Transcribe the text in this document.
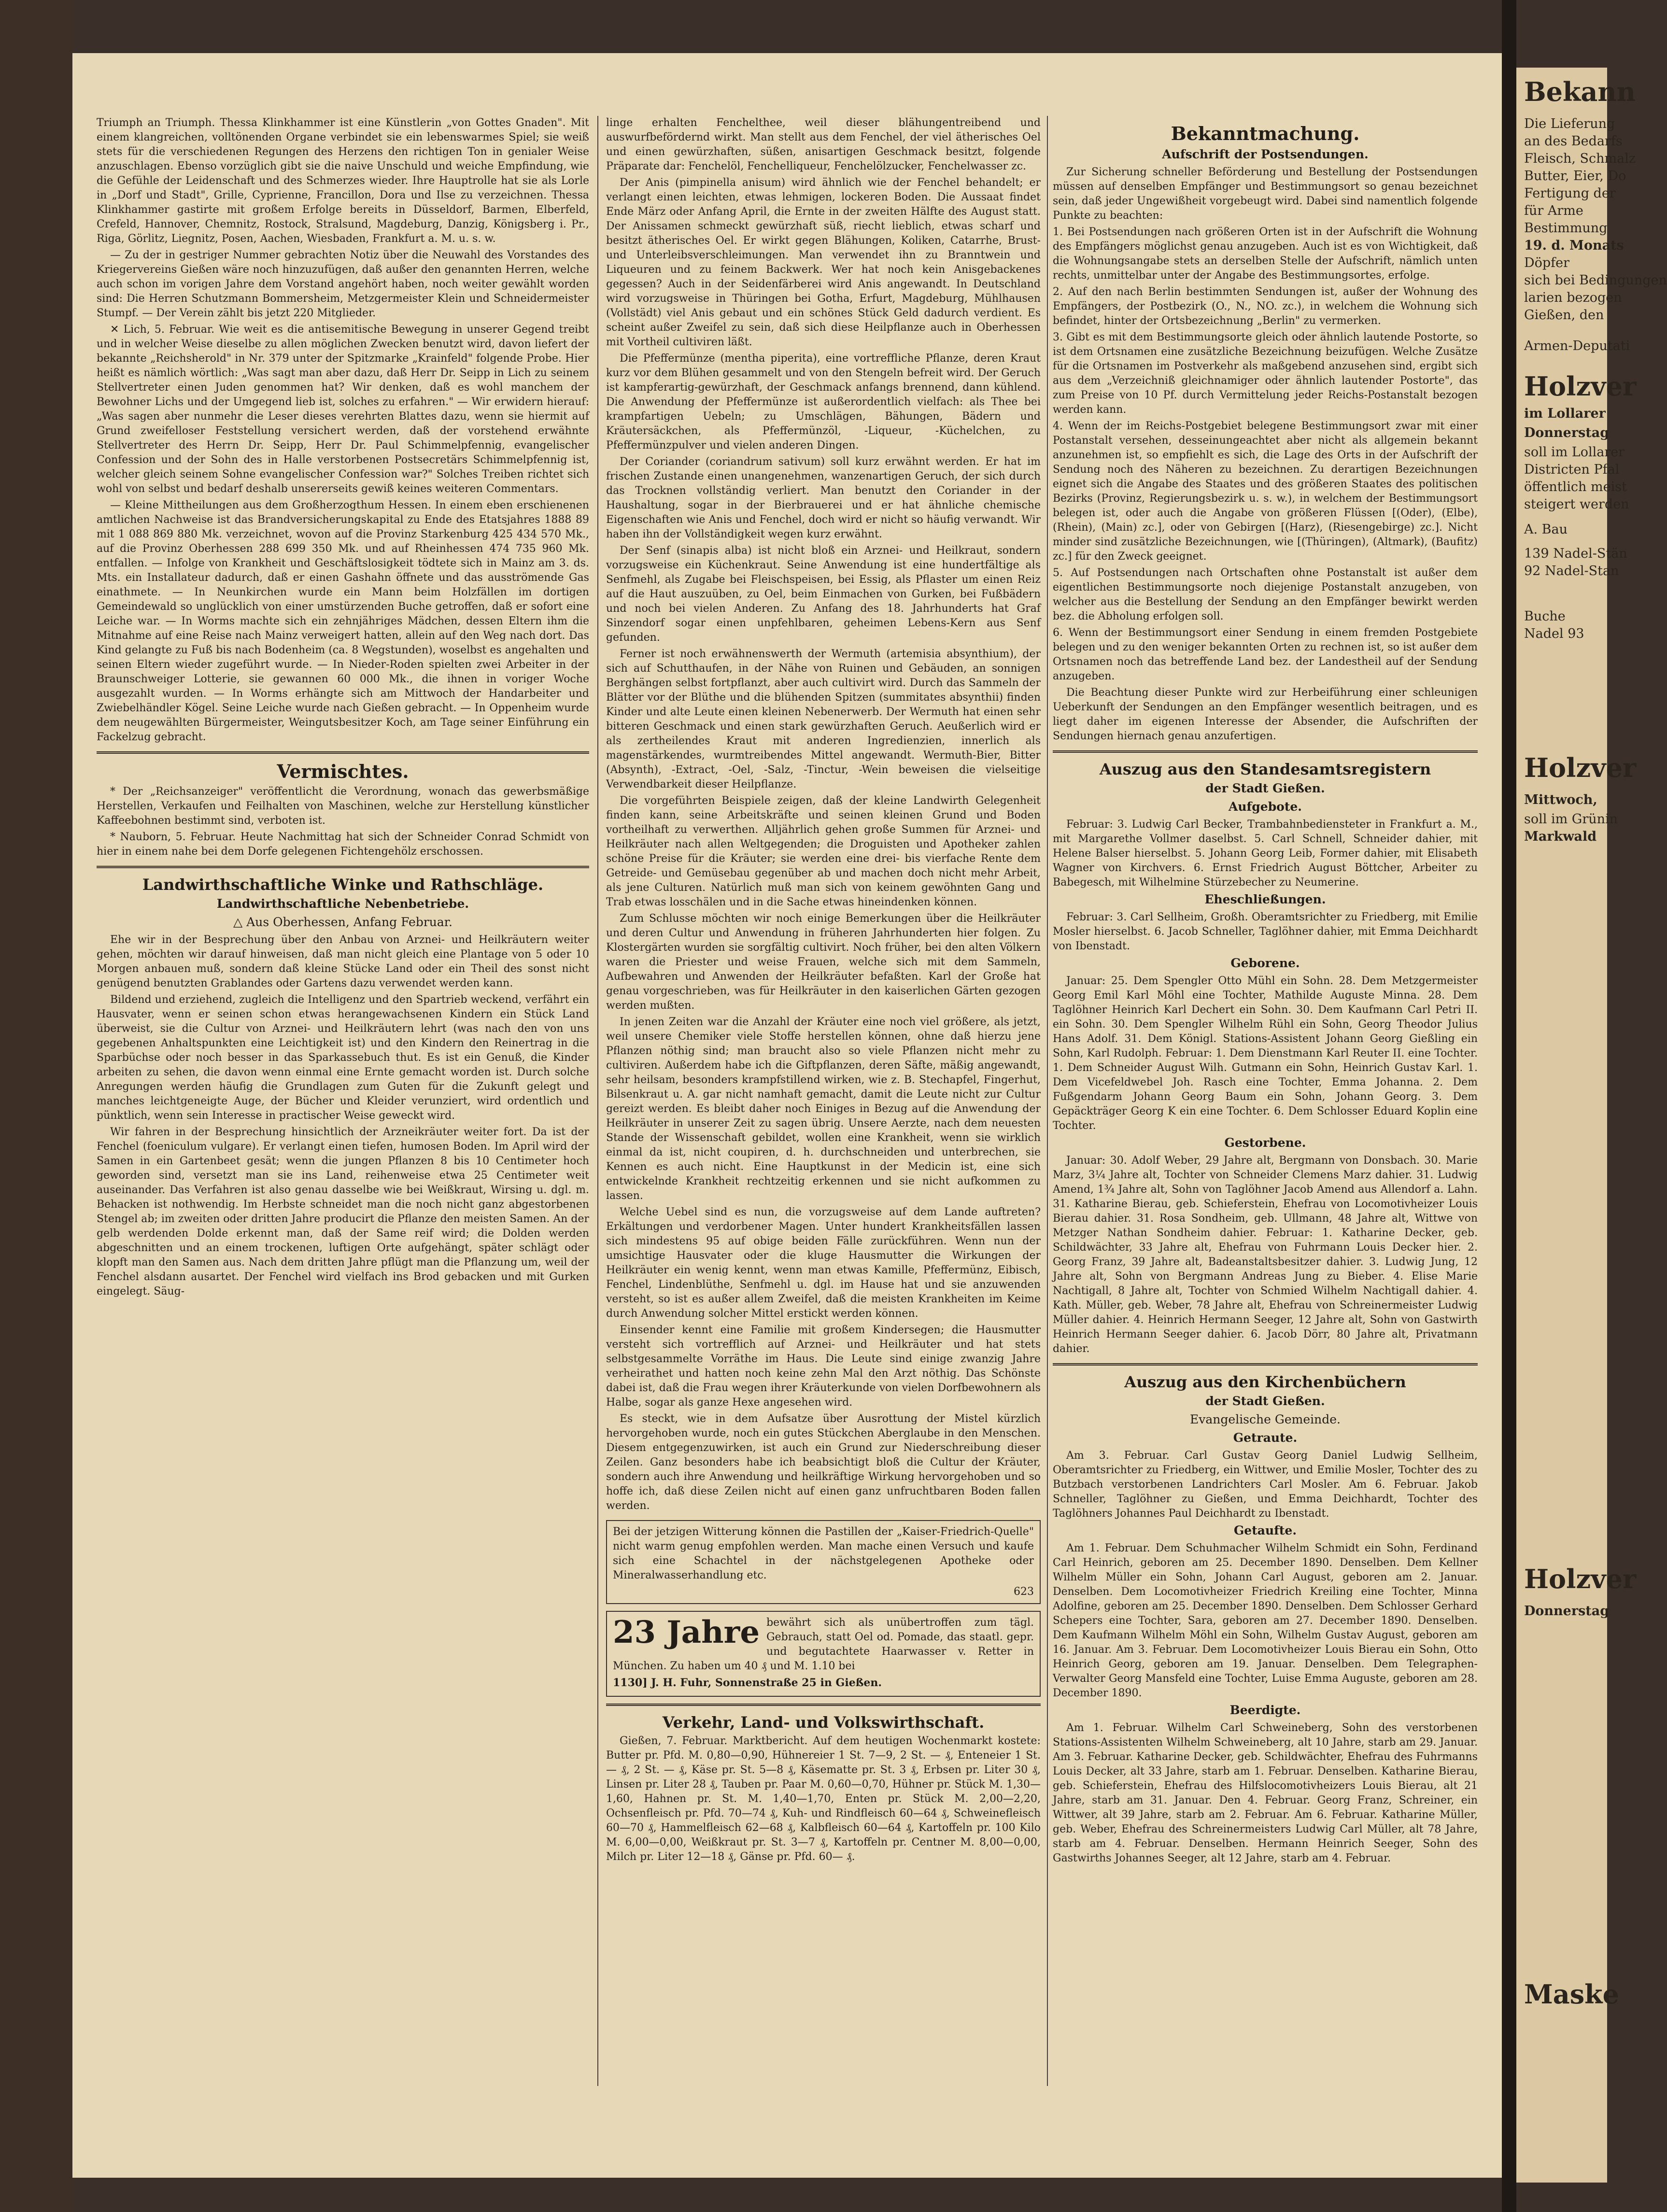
Triumph an Triumph. Thessa Klinkhammer ist eine Künstlerin „von Gottes Gnaden". Mit einem klangreichen, volltönenden Organe verbindet sie ein lebenswarmes Spiel; sie weiß stets für die verschiedenen Regungen des Herzens den richtigen Ton in genialer Weise anzuschlagen. Ebenso vorzüglich gibt sie die naive Unschuld und weiche Empfindung, wie die Gefühle der Leidenschaft und des Schmerzes wieder. Ihre Hauptrolle hat sie als Lorle in „Dorf und Stadt", Grille, Cyprienne, Francillon, Dora und Ilse zu verzeichnen. Thessa Klinkhammer gastirte mit großem Erfolge bereits in Düsseldorf, Barmen, Elberfeld, Crefeld, Hannover, Chemnitz, Rostock, Stralsund, Magdeburg, Danzig, Königsberg i. Pr., Riga, Görlitz, Liegnitz, Posen, Aachen, Wiesbaden, Frankfurt a. M. u. s. w.

— Zu der in gestriger Nummer gebrachten Notiz über die Neuwahl des Vorstandes des Kriegervereins Gießen wäre noch hinzuzufügen, daß außer den genannten Herren, welche auch schon im vorigen Jahre dem Vorstand angehört haben, noch weiter gewählt worden sind: Die Herren Schutzmann Bommersheim, Metzgermeister Klein und Schneidermeister Stumpf. — Der Verein zählt bis jetzt 220 Mitglieder.

✕ Lich, 5. Februar. Wie weit es die antisemitische Bewegung in unserer Gegend treibt und in welcher Weise dieselbe zu allen möglichen Zwecken benutzt wird, davon liefert der bekannte „Reichsherold" in Nr. 379 unter der Spitzmarke „Krainfeld" folgende Probe. Hier heißt es nämlich wörtlich: „Was sagt man aber dazu, daß Herr Dr. Seipp in Lich zu seinem Stellvertreter einen Juden genommen hat? Wir denken, daß es wohl manchem der Bewohner Lichs und der Umgegend lieb ist, solches zu erfahren." — Wir erwidern hierauf: „Was sagen aber nunmehr die Leser dieses verehrten Blattes dazu, wenn sie hiermit auf Grund zweifelloser Feststellung versichert werden, daß der vorstehend erwähnte Stellvertreter des Herrn Dr. Seipp, Herr Dr. Paul Schimmelpfennig, evangelischer Confession und der Sohn des in Halle verstorbenen Postsecretärs Schimmelpfennig ist, welcher gleich seinem Sohne evangelischer Confession war?" Solches Treiben richtet sich wohl von selbst und bedarf deshalb unsererseits gewiß keines weiteren Commentars.

— Kleine Mittheilungen aus dem Großherzogthum Hessen. In einem eben erschienenen amtlichen Nachweise ist das Brandversicherungskapital zu Ende des Etatsjahres 1888 89 mit 1 088 869 880 Mk. verzeichnet, wovon auf die Provinz Starkenburg 425 434 570 Mk., auf die Provinz Oberhessen 288 699 350 Mk. und auf Rheinhessen 474 735 960 Mk. entfallen. — Infolge von Krankheit und Geschäftslosigkeit tödtete sich in Mainz am 3. ds. Mts. ein Installateur dadurch, daß er einen Gashahn öffnete und das ausströmende Gas einathmete. — In Neunkirchen wurde ein Mann beim Holzfällen im dortigen Gemeindewald so unglücklich von einer umstürzenden Buche getroffen, daß er sofort eine Leiche war. — In Worms machte sich ein zehnjähriges Mädchen, dessen Eltern ihm die Mitnahme auf eine Reise nach Mainz verweigert hatten, allein auf den Weg nach dort. Das Kind gelangte zu Fuß bis nach Bodenheim (ca. 8 Wegstunden), woselbst es angehalten und seinen Eltern wieder zugeführt wurde. — In Nieder-Roden spielten zwei Arbeiter in der Braunschweiger Lotterie, sie gewannen 60 000 Mk., die ihnen in voriger Woche ausgezahlt wurden. — In Worms erhängte sich am Mittwoch der Handarbeiter und Zwiebelhändler Kögel. Seine Leiche wurde nach Gießen gebracht. — In Oppenheim wurde dem neugewählten Bürgermeister, Weingutsbesitzer Koch, am Tage seiner Einführung ein Fackelzug gebracht.

Vermischtes.

* Der „Reichsanzeiger" veröffentlicht die Verordnung, wonach das gewerbsmäßige Herstellen, Verkaufen und Feilhalten von Maschinen, welche zur Herstellung künstlicher Kaffeebohnen bestimmt sind, verboten ist.

* Nauborn, 5. Februar. Heute Nachmittag hat sich der Schneider Conrad Schmidt von hier in einem nahe bei dem Dorfe gelegenen Fichtengehölz erschossen.

Landwirthschaftliche Winke und Rathschläge.
Landwirthschaftliche Nebenbetriebe.
△ Aus Oberhessen, Anfang Februar.

Ehe wir in der Besprechung über den Anbau von Arznei- und Heilkräutern weiter gehen, möchten wir darauf hinweisen, daß man nicht gleich eine Plantage von 5 oder 10 Morgen anbauen muß, sondern daß kleine Stücke Land oder ein Theil des sonst nicht genügend benutzten Grablandes oder Gartens dazu verwendet werden kann.

Bildend und erziehend, zugleich die Intelligenz und den Spartrieb weckend, verfährt ein Hausvater, wenn er seinen schon etwas herangewachsenen Kindern ein Stück Land überweist, sie die Cultur von Arznei- und Heilkräutern lehrt (was nach den von uns gegebenen Anhaltspunkten eine Leichtigkeit ist) und den Kindern den Reinertrag in die Sparbüchse oder noch besser in das Sparkassebuch thut. Es ist ein Genuß, die Kinder arbeiten zu sehen, die davon wenn einmal eine Ernte gemacht worden ist. Durch solche Anregungen werden häufig die Grundlagen zum Guten für die Zukunft gelegt und manches leichtgeneigte Auge, der Bücher und Kleider verunziert, wird ordentlich und pünktlich, wenn sein Interesse in practischer Weise geweckt wird.

Wir fahren in der Besprechung hinsichtlich der Arzneikräuter weiter fort. Da ist der Fenchel (foeniculum vulgare). Er verlangt einen tiefen, humosen Boden. Im April wird der Samen in ein Gartenbeet gesät; wenn die jungen Pflanzen 8 bis 10 Centimeter hoch geworden sind, versetzt man sie ins Land, reihenweise etwa 25 Centimeter weit auseinander. Das Verfahren ist also genau dasselbe wie bei Weißkraut, Wirsing u. dgl. m. Behacken ist nothwendig. Im Herbste schneidet man die noch nicht ganz abgestorbenen Stengel ab; im zweiten oder dritten Jahre producirt die Pflanze den meisten Samen. An der gelb werdenden Dolde erkennt man, daß der Same reif wird; die Dolden werden abgeschnitten und an einem trockenen, luftigen Orte aufgehängt, später schlägt oder klopft man den Samen aus. Nach dem dritten Jahre pflügt man die Pflanzung um, weil der Fenchel alsdann ausartet. Der Fenchel wird vielfach ins Brod gebacken und mit Gurken eingelegt. Säug-

linge erhalten Fenchelthee, weil dieser blähungentreibend und auswurfbefördernd wirkt. Man stellt aus dem Fenchel, der viel ätherisches Oel und einen gewürzhaften, süßen, anisartigen Geschmack besitzt, folgende Präparate dar: Fenchelöl, Fenchelliqueur, Fenchelölzucker, Fenchelwasser zc.

Der Anis (pimpinella anisum) wird ähnlich wie der Fenchel behandelt; er verlangt einen leichten, etwas lehmigen, lockeren Boden. Die Aussaat findet Ende März oder Anfang April, die Ernte in der zweiten Hälfte des August statt. Der Anissamen schmeckt gewürzhaft süß, riecht lieblich, etwas scharf und besitzt ätherisches Oel. Er wirkt gegen Blähungen, Koliken, Catarrhe, Brust- und Unterleibsverschleimungen. Man verwendet ihn zu Branntwein und Liqueuren und zu feinem Backwerk. Wer hat noch kein Anisgebackenes gegessen? Auch in der Seidenfärberei wird Anis angewandt. In Deutschland wird vorzugsweise in Thüringen bei Gotha, Erfurt, Magdeburg, Mühlhausen (Vollstädt) viel Anis gebaut und ein schönes Stück Geld dadurch verdient. Es scheint außer Zweifel zu sein, daß sich diese Heilpflanze auch in Oberhessen mit Vortheil cultiviren läßt.

Die Pfeffermünze (mentha piperita), eine vortreffliche Pflanze, deren Kraut kurz vor dem Blühen gesammelt und von den Stengeln befreit wird. Der Geruch ist kampferartig-gewürzhaft, der Geschmack anfangs brennend, dann kühlend. Die Anwendung der Pfeffermünze ist außerordentlich vielfach: als Thee bei krampfartigen Uebeln; zu Umschlägen, Bähungen, Bädern und Kräutersäckchen, als Pfeffermünzöl, -Liqueur, -Küchelchen, zu Pfeffermünzpulver und vielen anderen Dingen.

Der Coriander (coriandrum sativum) soll kurz erwähnt werden. Er hat im frischen Zustande einen unangenehmen, wanzenartigen Geruch, der sich durch das Trocknen vollständig verliert. Man benutzt den Coriander in der Haushaltung, sogar in der Bierbrauerei und er hat ähnliche chemische Eigenschaften wie Anis und Fenchel, doch wird er nicht so häufig verwandt. Wir haben ihn der Vollständigkeit wegen kurz erwähnt.

Der Senf (sinapis alba) ist nicht bloß ein Arznei- und Heilkraut, sondern vorzugsweise ein Küchenkraut. Seine Anwendung ist eine hundertfältige als Senfmehl, als Zugabe bei Fleischspeisen, bei Essig, als Pflaster um einen Reiz auf die Haut auszuüben, zu Oel, beim Einmachen von Gurken, bei Fußbädern und noch bei vielen Anderen. Zu Anfang des 18. Jahrhunderts hat Graf Sinzendorf sogar einen unpfehlbaren, geheimen Lebens-Kern aus Senf gefunden.

Ferner ist noch erwähnenswerth der Wermuth (artemisia absynthium), der sich auf Schutthaufen, in der Nähe von Ruinen und Gebäuden, an sonnigen Berghängen selbst fortpflanzt, aber auch cultivirt wird. Durch das Sammeln der Blätter vor der Blüthe und die blühenden Spitzen (summitates absynthii) finden Kinder und alte Leute einen kleinen Nebenerwerb. Der Wermuth hat einen sehr bitteren Geschmack und einen stark gewürzhaften Geruch. Aeußerlich wird er als zertheilendes Kraut mit anderen Ingredienzien, innerlich als magenstärkendes, wurmtreibendes Mittel angewandt. Wermuth-Bier, Bitter (Absynth), -Extract, -Oel, -Salz, -Tinctur, -Wein beweisen die vielseitige Verwendbarkeit dieser Heilpflanze.

Die vorgeführten Beispiele zeigen, daß der kleine Landwirth Gelegenheit finden kann, seine Arbeitskräfte und seinen kleinen Grund und Boden vortheilhaft zu verwerthen. Alljährlich gehen große Summen für Arznei- und Heilkräuter nach allen Weltgegenden; die Droguisten und Apotheker zahlen schöne Preise für die Kräuter; sie werden eine drei- bis vierfache Rente dem Getreide- und Gemüsebau gegenüber ab und machen doch nicht mehr Arbeit, als jene Culturen. Natürlich muß man sich von keinem gewöhnten Gang und Trab etwas losschälen und in die Sache etwas hineindenken können.

Zum Schlusse möchten wir noch einige Bemerkungen über die Heilkräuter und deren Cultur und Anwendung in früheren Jahrhunderten hier folgen. Zu Klostergärten wurden sie sorgfältig cultivirt. Noch früher, bei den alten Völkern waren die Priester und weise Frauen, welche sich mit dem Sammeln, Aufbewahren und Anwenden der Heilkräuter befaßten. Karl der Große hat genau vorgeschrieben, was für Heilkräuter in den kaiserlichen Gärten gezogen werden mußten.

In jenen Zeiten war die Anzahl der Kräuter eine noch viel größere, als jetzt, weil unsere Chemiker viele Stoffe herstellen können, ohne daß hierzu jene Pflanzen nöthig sind; man braucht also so viele Pflanzen nicht mehr zu cultiviren. Außerdem habe ich die Giftpflanzen, deren Säfte, mäßig angewandt, sehr heilsam, besonders krampfstillend wirken, wie z. B. Stechapfel, Fingerhut, Bilsenkraut u. A. gar nicht namhaft gemacht, damit die Leute nicht zur Cultur gereizt werden. Es bleibt daher noch Einiges in Bezug auf die Anwendung der Heilkräuter in unserer Zeit zu sagen übrig. Unsere Aerzte, nach dem neuesten Stande der Wissenschaft gebildet, wollen eine Krankheit, wenn sie wirklich einmal da ist, nicht coupiren, d. h. durchschneiden und unterbrechen, sie Kennen es auch nicht. Eine Hauptkunst in der Medicin ist, eine sich entwickelnde Krankheit rechtzeitig erkennen und sie nicht aufkommen zu lassen.

Welche Uebel sind es nun, die vorzugsweise auf dem Lande auftreten? Erkältungen und verdorbener Magen. Unter hundert Krankheitsfällen lassen sich mindestens 95 auf obige beiden Fälle zurückführen. Wenn nun der umsichtige Hausvater oder die kluge Hausmutter die Wirkungen der Heilkräuter ein wenig kennt, wenn man etwas Kamille, Pfeffermünz, Eibisch, Fenchel, Lindenblüthe, Senfmehl u. dgl. im Hause hat und sie anzuwenden versteht, so ist es außer allem Zweifel, daß die meisten Krankheiten im Keime durch Anwendung solcher Mittel erstickt werden können.

Einsender kennt eine Familie mit großem Kindersegen; die Hausmutter versteht sich vortrefflich auf Arznei- und Heilkräuter und hat stets selbstgesammelte Vorräthe im Haus. Die Leute sind einige zwanzig Jahre verheirathet und hatten noch keine zehn Mal den Arzt nöthig. Das Schönste dabei ist, daß die Frau wegen ihrer Kräuterkunde von vielen Dorfbewohnern als Halbe, sogar als ganze Hexe angesehen wird.

Es steckt, wie in dem Aufsatze über Ausrottung der Mistel kürzlich hervorgehoben wurde, noch ein gutes Stückchen Aberglaube in den Menschen. Diesem entgegenzuwirken, ist auch ein Grund zur Niederschreibung dieser Zeilen. Ganz besonders habe ich beabsichtigt bloß die Cultur der Kräuter, sondern auch ihre Anwendung und heilkräftige Wirkung hervorgehoben und so hoffe ich, daß diese Zeilen nicht auf einen ganz unfruchtbaren Boden fallen werden.

Bei der jetzigen Witterung können die Pastillen der „Kaiser-Friedrich-Quelle" nicht warm genug empfohlen werden. Man mache einen Versuch und kaufe sich eine Schachtel in der nächstgelegenen Apotheke oder Mineralwasserhandlung etc.

623

23 Jahre bewährt sich als unübertroffen zum tägl. Gebrauch, statt Oel od. Pomade, das staatl. gepr. und begutachtete Haarwasser v. Retter in München. Zu haben um 40 ₰ und M. 1.10 bei

1130] J. H. Fuhr, Sonnenstraße 25 in Gießen.

Verkehr, Land- und Volkswirthschaft.

Gießen, 7. Februar. Marktbericht. Auf dem heutigen Wochenmarkt kostete: Butter pr. Pfd. M. 0,80—0,90, Hühnereier 1 St. 7—9, 2 St. — ₰, Enteneier 1 St. — ₰, 2 St. — ₰, Käse pr. St. 5—8 ₰, Käsematte pr. St. 3 ₰, Erbsen pr. Liter 30 ₰, Linsen pr. Liter 28 ₰, Tauben pr. Paar M. 0,60—0,70, Hühner pr. Stück M. 1,30—1,60, Hahnen pr. St. M. 1,40—1,70, Enten pr. Stück M. 2,00—2,20, Ochsenfleisch pr. Pfd. 70—74 ₰, Kuh- und Rindfleisch 60—64 ₰, Schweinefleisch 60—70 ₰, Hammelfleisch 62—68 ₰, Kalbfleisch 60—64 ₰, Kartoffeln pr. 100 Kilo M. 6,00—0,00, Weißkraut pr. St. 3—7 ₰, Kartoffeln pr. Centner M. 8,00—0,00, Milch pr. Liter 12—18 ₰, Gänse pr. Pfd. 60— ₰.

Bekanntmachung.
Aufschrift der Postsendungen.

Zur Sicherung schneller Beförderung und Bestellung der Postsendungen müssen auf denselben Empfänger und Bestimmungsort so genau bezeichnet sein, daß jeder Ungewißheit vorgebeugt wird. Dabei sind namentlich folgende Punkte zu beachten:

1. Bei Postsendungen nach größeren Orten ist in der Aufschrift die Wohnung des Empfängers möglichst genau anzugeben. Auch ist es von Wichtigkeit, daß die Wohnungsangabe stets an derselben Stelle der Aufschrift, nämlich unten rechts, unmittelbar unter der Angabe des Bestimmungsortes, erfolge.

2. Auf den nach Berlin bestimmten Sendungen ist, außer der Wohnung des Empfängers, der Postbezirk (O., N., NO. zc.), in welchem die Wohnung sich befindet, hinter der Ortsbezeichnung „Berlin" zu vermerken.

3. Gibt es mit dem Bestimmungsorte gleich oder ähnlich lautende Postorte, so ist dem Ortsnamen eine zusätzliche Bezeichnung beizufügen. Welche Zusätze für die Ortsnamen im Postverkehr als maßgebend anzusehen sind, ergibt sich aus dem „Verzeichniß gleichnamiger oder ähnlich lautender Postorte", das zum Preise von 10 Pf. durch Vermittelung jeder Reichs-Postanstalt bezogen werden kann.

4. Wenn der im Reichs-Postgebiet belegene Bestimmungsort zwar mit einer Postanstalt versehen, desseinungeachtet aber nicht als allgemein bekannt anzunehmen ist, so empfiehlt es sich, die Lage des Orts in der Aufschrift der Sendung noch des Näheren zu bezeichnen. Zu derartigen Bezeichnungen eignet sich die Angabe des Staates und des größeren Staates des politischen Bezirks (Provinz, Regierungsbezirk u. s. w.), in welchem der Bestimmungsort belegen ist, oder auch die Angabe von größeren Flüssen [(Oder), (Elbe), (Rhein), (Main) zc.], oder von Gebirgen [(Harz), (Riesengebirge) zc.]. Nicht minder sind zusätzliche Bezeichnungen, wie [(Thüringen), (Altmark), (Baufitz) zc.] für den Zweck geeignet.

5. Auf Postsendungen nach Ortschaften ohne Postanstalt ist außer dem eigentlichen Bestimmungsorte noch diejenige Postanstalt anzugeben, von welcher aus die Bestellung der Sendung an den Empfänger bewirkt werden bez. die Abholung erfolgen soll.

6. Wenn der Bestimmungsort einer Sendung in einem fremden Postgebiete belegen und zu den weniger bekannten Orten zu rechnen ist, so ist außer dem Ortsnamen noch das betreffende Land bez. der Landestheil auf der Sendung anzugeben.

Die Beachtung dieser Punkte wird zur Herbeiführung einer schleunigen Ueberkunft der Sendungen an den Empfänger wesentlich beitragen, und es liegt daher im eigenen Interesse der Absender, die Aufschriften der Sendungen hiernach genau anzufertigen.

Auszug aus den Standesamtsregistern
der Stadt Gießen.
Aufgebote.

Februar: 3. Ludwig Carl Becker, Trambahnbediensteter in Frankfurt a. M., mit Margarethe Vollmer daselbst. 5. Carl Schnell, Schneider dahier, mit Helene Balser hierselbst. 5. Johann Georg Leib, Former dahier, mit Elisabeth Wagner von Kirchvers. 6. Ernst Friedrich August Böttcher, Arbeiter zu Babegesch, mit Wilhelmine Stürzebecher zu Neumerine.

Eheschließungen.

Februar: 3. Carl Sellheim, Großh. Oberamtsrichter zu Friedberg, mit Emilie Mosler hierselbst. 6. Jacob Schneller, Taglöhner dahier, mit Emma Deichhardt von Ibenstadt.

Geborene.

Januar: 25. Dem Spengler Otto Mühl ein Sohn. 28. Dem Metzgermeister Georg Emil Karl Möhl eine Tochter, Mathilde Auguste Minna. 28. Dem Taglöhner Heinrich Karl Dechert ein Sohn. 30. Dem Kaufmann Carl Petri II. ein Sohn. 30. Dem Spengler Wilhelm Rühl ein Sohn, Georg Theodor Julius Hans Adolf. 31. Dem Königl. Stations-Assistent Johann Georg Gießling ein Sohn, Karl Rudolph. Februar: 1. Dem Dienstmann Karl Reuter II. eine Tochter. 1. Dem Schneider August Wilh. Gutmann ein Sohn, Heinrich Gustav Karl. 1. Dem Vicefeldwebel Joh. Rasch eine Tochter, Emma Johanna. 2. Dem Fußgendarm Johann Georg Baum ein Sohn, Johann Georg. 3. Dem Gepäckträger Georg K ein eine Tochter. 6. Dem Schlosser Eduard Koplin eine Tochter.

Gestorbene.

Januar: 30. Adolf Weber, 29 Jahre alt, Bergmann von Donsbach. 30. Marie Marz, 3¼ Jahre alt, Tochter von Schneider Clemens Marz dahier. 31. Ludwig Amend, 1¾ Jahre alt, Sohn von Taglöhner Jacob Amend aus Allendorf a. Lahn. 31. Katharine Bierau, geb. Schieferstein, Ehefrau von Locomotivheizer Louis Bierau dahier. 31. Rosa Sondheim, geb. Ullmann, 48 Jahre alt, Wittwe von Metzger Nathan Sondheim dahier. Februar: 1. Katharine Decker, geb. Schildwächter, 33 Jahre alt, Ehefrau von Fuhrmann Louis Decker hier. 2. Georg Franz, 39 Jahre alt, Badeanstaltsbesitzer dahier. 3. Ludwig Jung, 12 Jahre alt, Sohn von Bergmann Andreas Jung zu Bieber. 4. Elise Marie Nachtigall, 8 Jahre alt, Tochter von Schmied Wilhelm Nachtigall dahier. 4. Kath. Müller, geb. Weber, 78 Jahre alt, Ehefrau von Schreinermeister Ludwig Müller dahier. 4. Heinrich Hermann Seeger, 12 Jahre alt, Sohn von Gastwirth Heinrich Hermann Seeger dahier. 6. Jacob Dörr, 80 Jahre alt, Privatmann dahier.

Auszug aus den Kirchenbüchern
der Stadt Gießen.
Evangelische Gemeinde.
Getraute.

Am 3. Februar. Carl Gustav Georg Daniel Ludwig Sellheim, Oberamtsrichter zu Friedberg, ein Wittwer, und Emilie Mosler, Tochter des zu Butzbach verstorbenen Landrichters Carl Mosler. Am 6. Februar. Jakob Schneller, Taglöhner zu Gießen, und Emma Deichhardt, Tochter des Taglöhners Johannes Paul Deichhardt zu Ibenstadt.

Getaufte.

Am 1. Februar. Dem Schuhmacher Wilhelm Schmidt ein Sohn, Ferdinand Carl Heinrich, geboren am 25. December 1890. Denselben. Dem Kellner Wilhelm Müller ein Sohn, Johann Carl August, geboren am 2. Januar. Denselben. Dem Locomotivheizer Friedrich Kreiling eine Tochter, Minna Adolfine, geboren am 25. December 1890. Denselben. Dem Schlosser Gerhard Schepers eine Tochter, Sara, geboren am 27. December 1890. Denselben. Dem Kaufmann Wilhelm Möhl ein Sohn, Wilhelm Gustav August, geboren am 16. Januar. Am 3. Februar. Dem Locomotivheizer Louis Bierau ein Sohn, Otto Heinrich Georg, geboren am 19. Januar. Denselben. Dem Telegraphen-Verwalter Georg Mansfeld eine Tochter, Luise Emma Auguste, geboren am 28. December 1890.

Beerdigte.

Am 1. Februar. Wilhelm Carl Schweineberg, Sohn des verstorbenen Stations-Assistenten Wilhelm Schweineberg, alt 10 Jahre, starb am 29. Januar. Am 3. Februar. Katharine Decker, geb. Schildwächter, Ehefrau des Fuhrmanns Louis Decker, alt 33 Jahre, starb am 1. Februar. Denselben. Katharine Bierau, geb. Schieferstein, Ehefrau des Hilfslocomotivheizers Louis Bierau, alt 21 Jahre, starb am 31. Januar. Den 4. Februar. Georg Franz, Schreiner, ein Wittwer, alt 39 Jahre, starb am 2. Februar. Am 6. Februar. Katharine Müller, geb. Weber, Ehefrau des Schreinermeisters Ludwig Carl Müller, alt 78 Jahre, starb am 4. Februar. Denselben. Hermann Heinrich Seeger, Sohn des Gastwirths Johannes Seeger, alt 12 Jahre, starb am 4. Februar.

Bekann
Die Lieferung
an des Bedarfs
Fleisch, Schmalz
Butter, Eier, Do
Fertigung der
für Arme
Bestimmung
19. d. Monats
Döpfer
sich bei Bedingungen
larien bezogen
Gießen, den
Armen-Deputati
Holzver
im Lollarer
Donnerstag
soll im Lollarer
Districten Pfal
öffentlich meist
steigert werden
A. Bau
139 Nadel-Stän
92 Nadel-Stan
Buche
Nadel 93
Holzver
Mittwoch,
soll im Grünin
Markwald
Holzver
Donnerstag
Maske
